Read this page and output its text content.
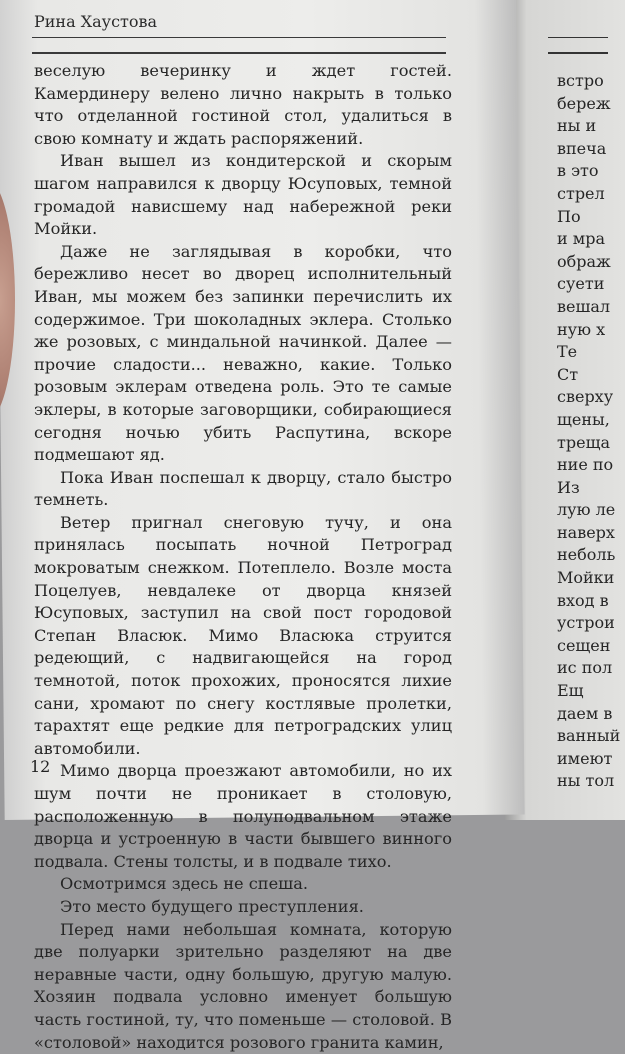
встро
береж
ны и
впеча
в это
стрел
По
и мра
ображ
суети
вешал
ную х
Те
Ст
сверху
щены,
треща
ние по
Из
лую ле
наверх
неболь
Мойки
вход в
устрои
сещен
ис пол
Ещ
даем в
ванный
имеют
ны тол
Рина Хаустова

веселую вечеринку и ждет гостей. Камердинеру велено лично накрыть в только что отделанной гостиной стол, удалиться в свою комнату и ждать распоряжений.

Иван вышел из кондитерской и скорым шагом направился к дворцу Юсуповых, темной громадой нависшему над набережной реки Мойки.

Даже не заглядывая в коробки, что бережливо несет во дворец исполнительный Иван, мы можем без запинки перечислить их содержимое. Три шоколадных эклера. Столько же розовых, с миндальной начинкой. Далее — прочие сладости... неважно, какие. Только розовым эклерам отведена роль. Это те самые эклеры, в которые заговорщики, собирающиеся сегодня ночью убить Распутина, вскоре подмешают яд.

Пока Иван поспешал к дворцу, стало быстро темнеть.

Ветер пригнал снеговую тучу, и она принялась посыпать ночной Петроград мокроватым снежком. Потеплело. Возле моста Поцелуев, невдалеке от дворца князей Юсуповых, заступил на свой пост городовой Степан Власюк. Мимо Власюка струится редеющий, с надвигающейся на город темнотой, поток прохожих, проносятся лихие сани, хромают по снегу костлявые пролетки, тарахтят еще редкие для петроградских улиц автомобили.

Мимо дворца проезжают автомобили, но их шум почти не проникает в столовую, расположенную в полуподвальном этаже дворца и устроенную в части бывшего винного подвала. Стены толсты, и в подвале тихо.

Осмотримся здесь не спеша.

Это место будущего преступления.

Перед нами небольшая комната, которую две полуарки зрительно разделяют на две неравные части, одну большую, другую малую. Хозяин подвала условно именует большую часть гостиной, ту, что поменьше — столовой. В «столовой» находится розового гранита камин,

12
